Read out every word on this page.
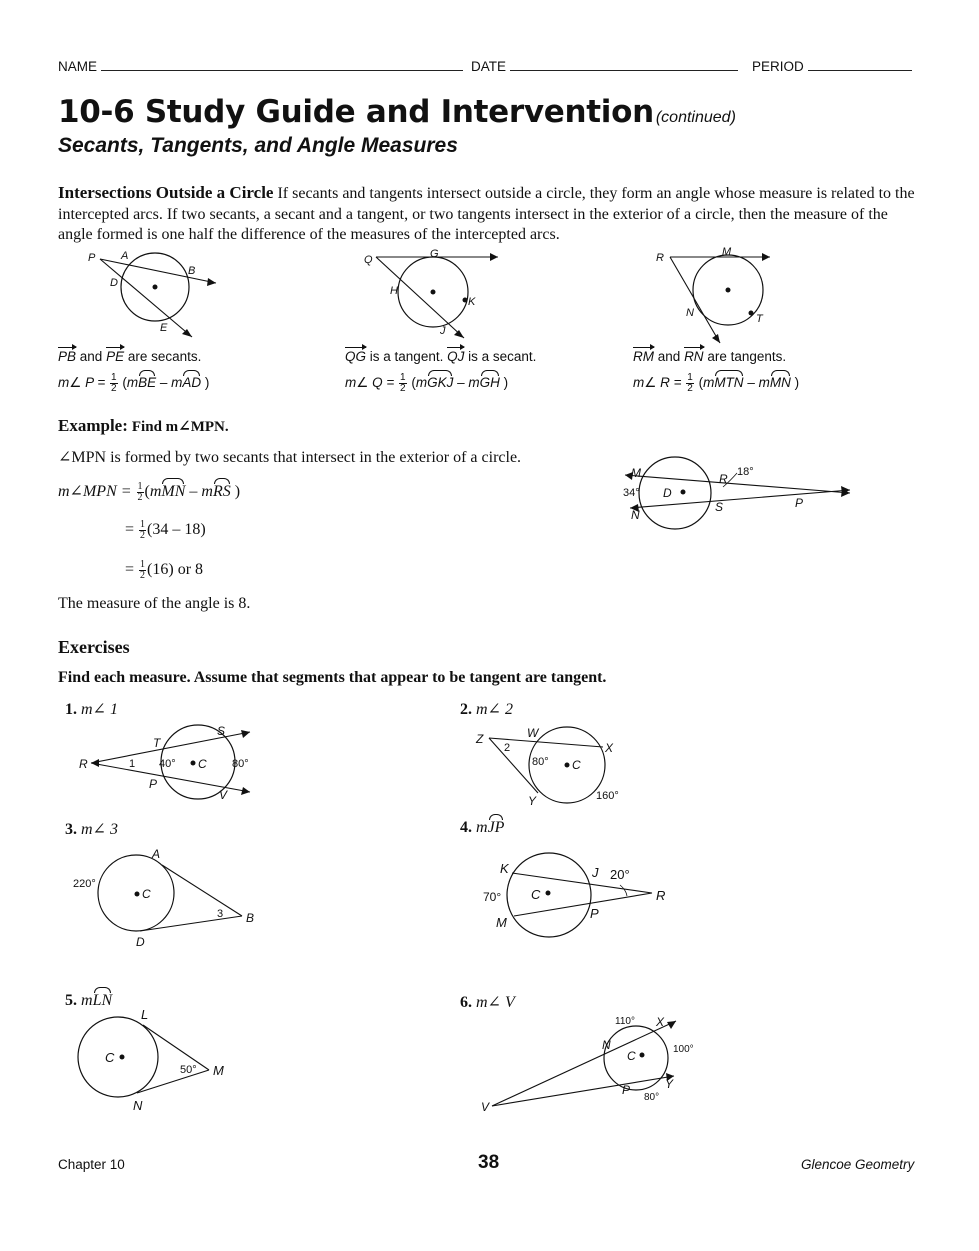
NAME	DATE	PERIOD
10-6 Study Guide and Intervention (continued)
Secants, Tangents, and Angle Measures
Intersections Outside a Circle If secants and tangents intersect outside a circle, they form an angle whose measure is related to the intercepted arcs. If two secants, a secant and a tangent, or two tangents intersect in the exterior of a circle, then the measure of the angle formed is one half the difference of the measures of the intercepted arcs.
P A
B
D
E
Q	G
H
K
J
R	M
N	T
PB and PE are secants.
m∠ $P = \frac{1}{2} (mBE$ – mAD )
QG is a tangent. QJ is a secant.
m∠ $Q = \frac{1}{2}$ (mGKJ – mGH )
RM and RN are tangents.
m∠ $R = \frac{1}{2}$ (mMTN – mMN )
Example: Find m∠MPN.
∠MPN is formed by two secants that intersect in the exterior of a circle.
m∠MPN = $\frac{1}{2} (mMN$ – mRS )
= $\frac{1}{2} (34 - 18)$
= $\frac{1}{2} (16)$ or 8
The measure of the angle is 8.
M	R
D
N
S	P
34°
18°
Exercises
Find each measure. Assume that segments that appear to be tangent are tangent.
1. m∠ 1	2. m∠ 2
3. m∠ 3	4. mJP
5. mLN	6. m∠ V
R
T
S
C
P
V
1 40°	80°
Z	W
X
C
Y
2
80°
160°
A
C
B
D
3
220°
K	J
C	R
M
P
20°
70°
L
C
M
N
50°
X
N
C
Y
P
V
110°
100°
80°
Chapter 10	38	Glencoe Geometry
